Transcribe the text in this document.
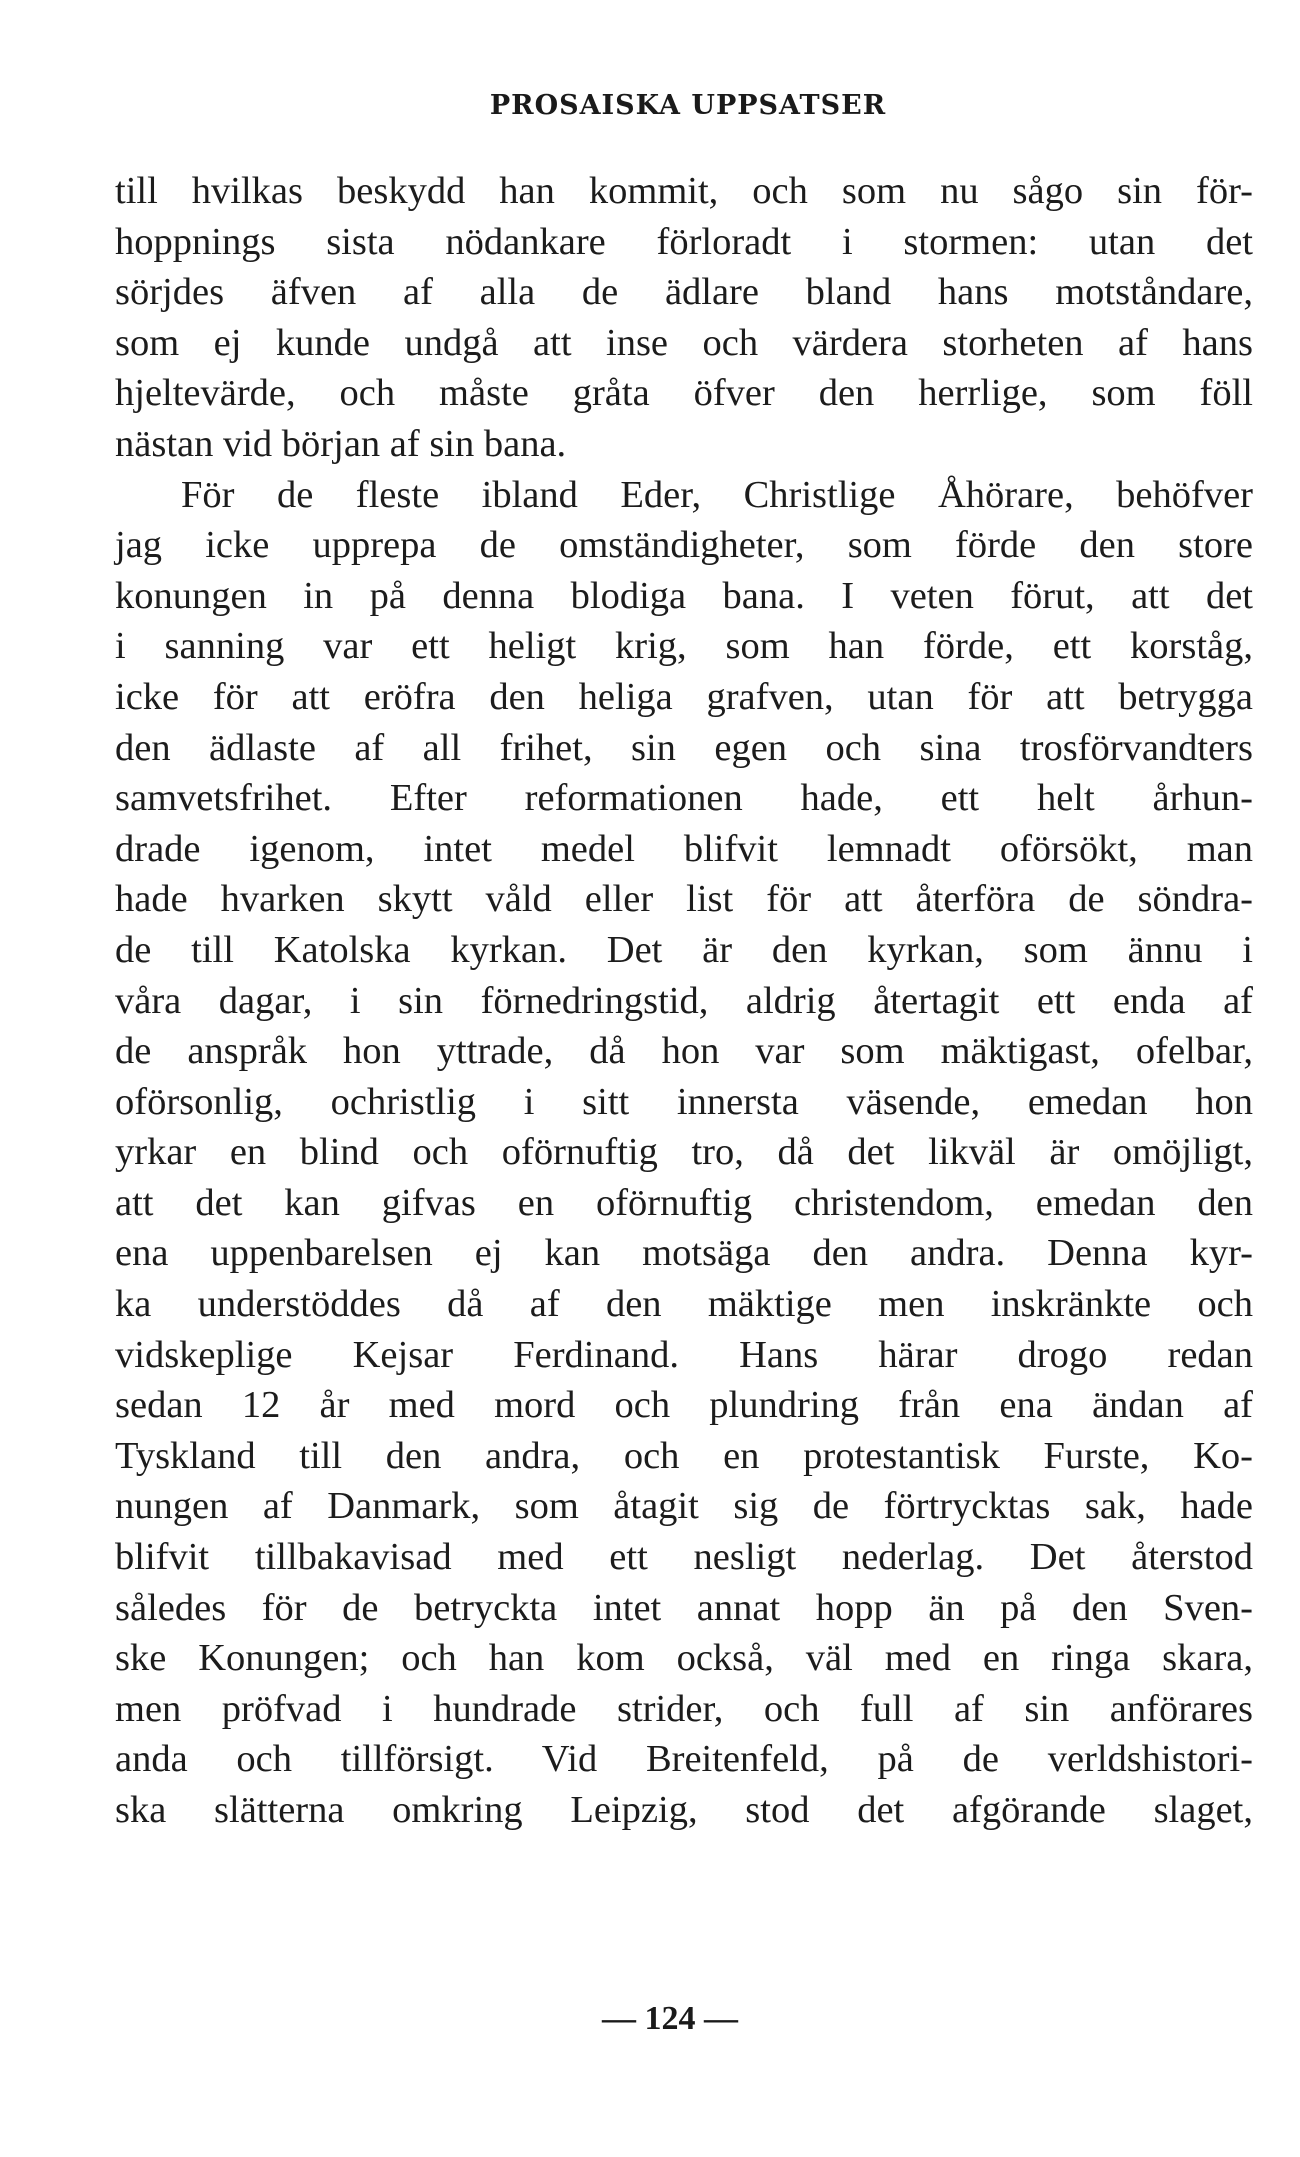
PROSAISKA UPPSATSER
till hvilkas beskydd han kommit, och som nu sågo sin för-
hoppnings sista nödankare förloradt i stormen: utan det
sörjdes äfven af alla de ädlare bland hans motståndare,
som ej kunde undgå att inse och värdera storheten af hans
hjeltevärde, och måste gråta öfver den herrlige, som föll
nästan vid början af sin bana.
För de fleste ibland Eder, Christlige Åhörare, behöfver
jag icke upprepa de omständigheter, som förde den store
konungen in på denna blodiga bana. I veten förut, att det
i sanning var ett heligt krig, som han förde, ett korståg,
icke för att eröfra den heliga grafven, utan för att betrygga
den ädlaste af all frihet, sin egen och sina trosförvandters
samvetsfrihet. Efter reformationen hade, ett helt århun-
drade igenom, intet medel blifvit lemnadt oförsökt, man
hade hvarken skytt våld eller list för att återföra de söndra-
de till Katolska kyrkan. Det är den kyrkan, som ännu i
våra dagar, i sin förnedringstid, aldrig återtagit ett enda af
de anspråk hon yttrade, då hon var som mäktigast, ofelbar,
oförsonlig, ochristlig i sitt innersta väsende, emedan hon
yrkar en blind och oförnuftig tro, då det likväl är omöjligt,
att det kan gifvas en oförnuftig christendom, emedan den
ena uppenbarelsen ej kan motsäga den andra. Denna kyr-
ka understöddes då af den mäktige men inskränkte och
vidskeplige Kejsar Ferdinand. Hans härar drogo redan
sedan 12 år med mord och plundring från ena ändan af
Tyskland till den andra, och en protestantisk Furste, Ko-
nungen af Danmark, som åtagit sig de förtrycktas sak, hade
blifvit tillbakavisad med ett nesligt nederlag. Det återstod
således för de betryckta intet annat hopp än på den Sven-
ske Konungen; och han kom också, väl med en ringa skara,
men pröfvad i hundrade strider, och full af sin anförares
anda och tillförsigt. Vid Breitenfeld, på de verldshistori-
ska slätterna omkring Leipzig, stod det afgörande slaget,
— 124 —
